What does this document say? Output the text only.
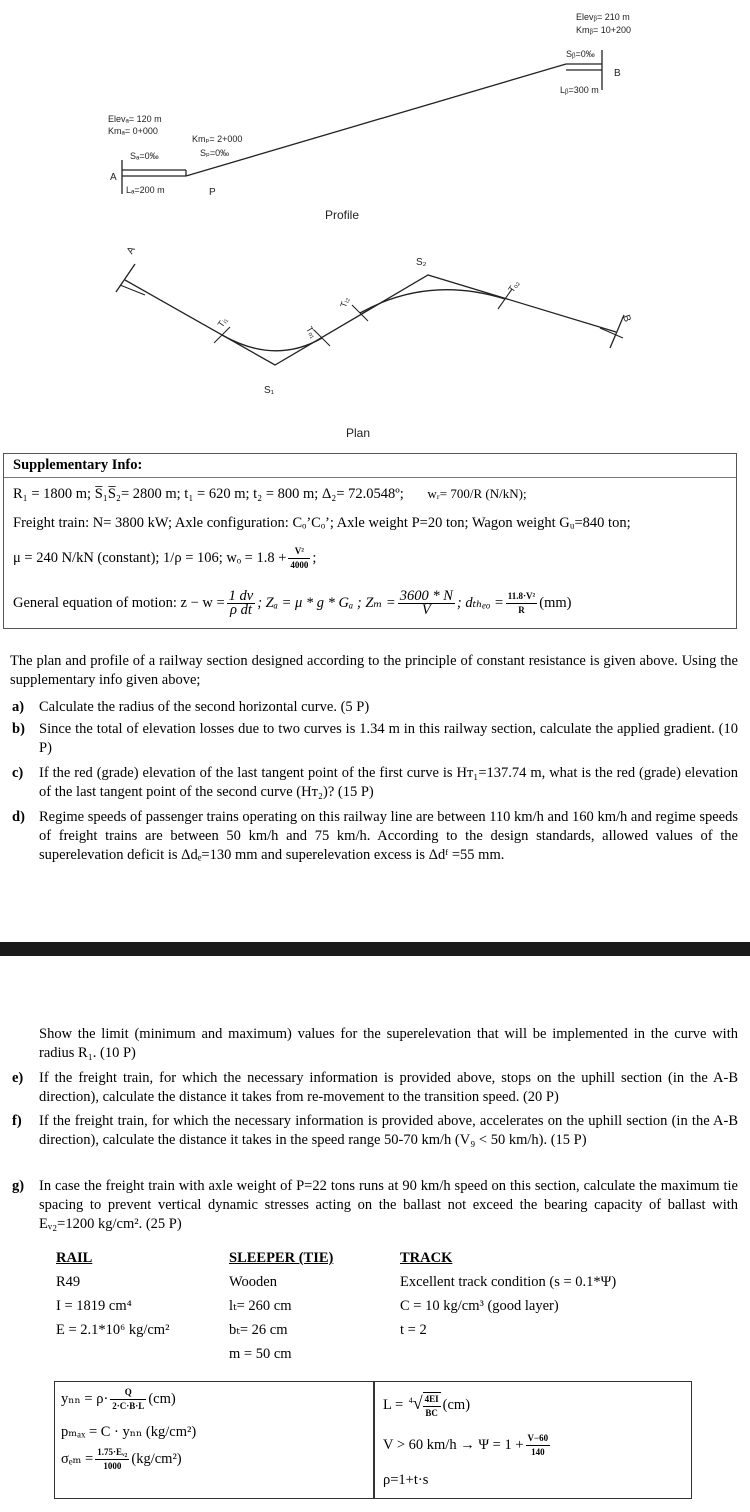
Elevₐ= 120 m
Kmₐ= 0+000
Sₐ=0‰
A
Lₐ=200 m
Kmₚ= 2+000
Sₚ=0‰
P
Elevᵦ= 210 m
Kmᵦ= 10+200
Sᵦ=0‰
B
Lᵦ=300 m
Profile
A
B
Tᵢ₁
Tₒ₁
Tᵢ₂
Tₒ₂
S₁
S₂
Plan
Supplementary Info:
R₁ = 1800 m; S̅₁S̅₂= 2800 m; t₁ = 620 m; t₂ = 800 m; Δ₂= 72.0548º; wᵣ= 700/R (N/kN);
Freight train: N= 3800 kW; Axle configuration: Cₒ’Cₒ’; Axle weight P=20 ton; Wagon weight Gᵤ=840 ton;
μ = 240 N/kN (constant); 1/ρ = 106; $w_o = 1.8 + \frac{\text{V²}}{4000}$ ;
General equation of motion: $z - w = \frac{1 dv}{\text{ρ dt}}$ ; Zₐ = μ * g * Gₐ ; $Z_m = \frac{3600 * N}{V}$ ; $d_{theo} = \frac{\text{11.8·V²}}{R} (mm)$
The plan and profile of a railway section designed according to the principle of constant resistance is given above. Using the supplementary info given above;
a) Calculate the radius of the second horizontal curve. (5 P)
b) Since the total of elevation losses due to two curves is 1.34 m in this railway section, calculate the applied gradient. (10 P)
c) If the red (grade) elevation of the last tangent point of the first curve is Hᴛ₁=137.74 m, what is the red (grade) elevation of the last tangent point of the second curve (Hᴛ₂)? (15 P)
d) Regime speeds of passenger trains operating on this railway line are between 110 km/h and 160 km/h and regime speeds of freight trains are between 50 km/h and 75 km/h. According to the design standards, allowed values of the superelevation deficit is Δdₑ=130 mm and superelevation excess is Δdᶠ =55 mm.
Show the limit (minimum and maximum) values for the superelevation that will be implemented in the curve with radius R₁. (10 P)
e) If the freight train, for which the necessary information is provided above, stops on the uphill section (in the A-B direction), calculate the distance it takes from re-movement to the transition speed. (20 P)
f) If the freight train, for which the necessary information is provided above, accelerates on the uphill section (in the A-B direction), calculate the distance it takes in the speed range 50-70 km/h (V₉ < 50 km/h). (15 P)
g) In case the freight train with axle weight of P=22 tons runs at 90 km/h speed on this section, calculate the maximum tie spacing to prevent vertical dynamic stresses acting on the ballast not exceed the bearing capacity of ballast with Eᵥ₂=1200 kg/cm². (25 P)
RAIL
R49
I = 1819 cm⁴
E = 2.1*10⁶ kg/cm²
SLEEPER (TIE)
Wooden
lₜ= 260 cm
bₜ= 26 cm
m = 50 cm
TRACK
Excellent track condition (s = 0.1*Ψ)
C = 10 kg/cm³ (good layer)
t = 2
$y_{nn} = \rho\cdot \frac{Q}{2\cdot C\cdot B\cdot L} (cm)$
pₘₐₓ = C · yₙₙ (kg/cm²)
$\sigma_{em} = \frac{\text{1.75·Eᵥ₂}}{1000} (kg/cm^2)$
$L = ^4√ \frac{4EI}{BC} (cm)$
V > 60 $km/h \to \Psi = 1 + \frac{V-60}{140}$
ρ=1+t·s
